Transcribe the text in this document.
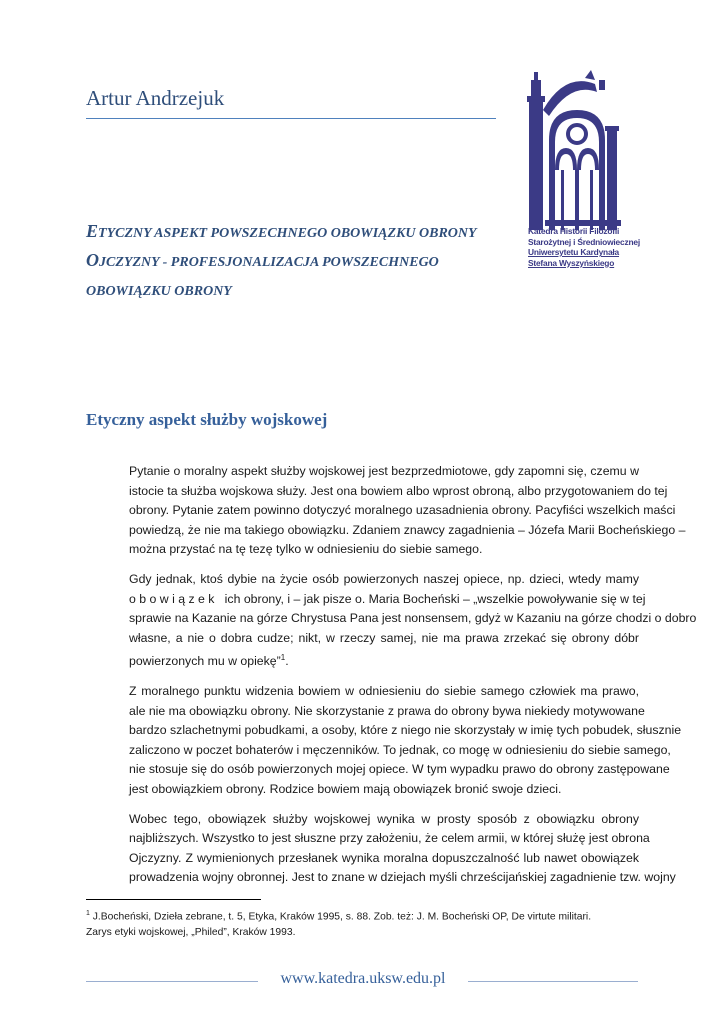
Artur Andrzejuk
Katedra Historii Filozofii
Starożytnej i Średniowiecznej
Uniwersytetu Kardynała
Stefana Wyszyńskiego
ETYCZNY ASPEKT POWSZECHNEGO OBOWIĄZKU OBRONY
OJCZYZNY - PROFESJONALIZACJA POWSZECHNEGO
OBOWIĄZKU OBRONY
Etyczny aspekt służby wojskowej

Pytanie o moralny aspekt służby wojskowej jest bezprzedmiotowe, gdy zapomni się, czemu w
istocie ta służba wojskowa służy. Jest ona bowiem albo wprost obroną, albo przygotowaniem do tej
obrony. Pytanie zatem powinno dotyczyć moralnego uzasadnienia obrony. Pacyfiści wszelkich maści
powiedzą, że nie ma takiego obowiązku. Zdaniem znawcy zagadnienia – Józefa Marii Bocheńskiego –
można przystać na tę tezę tylko w odniesieniu do siebie samego.

Gdy jednak, ktoś dybie na życie osób powierzonych naszej opiece, np. dzieci, wtedy mamy
o b o w i ą z e k   ich obrony, i – jak pisze o. Maria Bocheński – „wszelkie powoływanie się w tej
sprawie na Kazanie na górze Chrystusa Pana jest nonsensem, gdyż w Kazaniu na górze chodzi o dobro
własne, a nie o dobra cudze; nikt, w rzeczy samej, nie ma prawa zrzekać się obrony dóbr
powierzonych mu w opiekę”$^1$.

Z moralnego punktu widzenia bowiem w odniesieniu do siebie samego człowiek ma prawo,
ale nie ma obowiązku obrony. Nie skorzystanie z prawa do obrony bywa niekiedy motywowane
bardzo szlachetnymi pobudkami, a osoby, które z niego nie skorzystały w imię tych pobudek, słusznie
zaliczono w poczet bohaterów i męczenników. To jednak, co mogę w odniesieniu do siebie samego,
nie stosuje się do osób powierzonych mojej opiece. W tym wypadku prawo do obrony zastępowane
jest obowiązkiem obrony. Rodzice bowiem mają obowiązek bronić swoje dzieci.

Wobec tego, obowiązek służby wojskowej wynika w prosty sposób z obowiązku obrony
najbliższych. Wszystko to jest słuszne przy założeniu, że celem armii, w której służę jest obrona
Ojczyzny. Z wymienionych przesłanek wynika moralna dopuszczalność lub nawet obowiązek
prowadzenia wojny obronnej. Jest to znane w dziejach myśli chrześcijańskiej zagadnienie tzw. wojny

$^1$ J.Bocheński, Dzieła zebrane, t. 5, Etyka, Kraków 1995, s. 88. Zob. też: J. M. Bocheński OP, De virtute militari.
Zarys etyki wojskowej, „Philed”, Kraków 1993.
www.katedra.uksw.edu.pl
